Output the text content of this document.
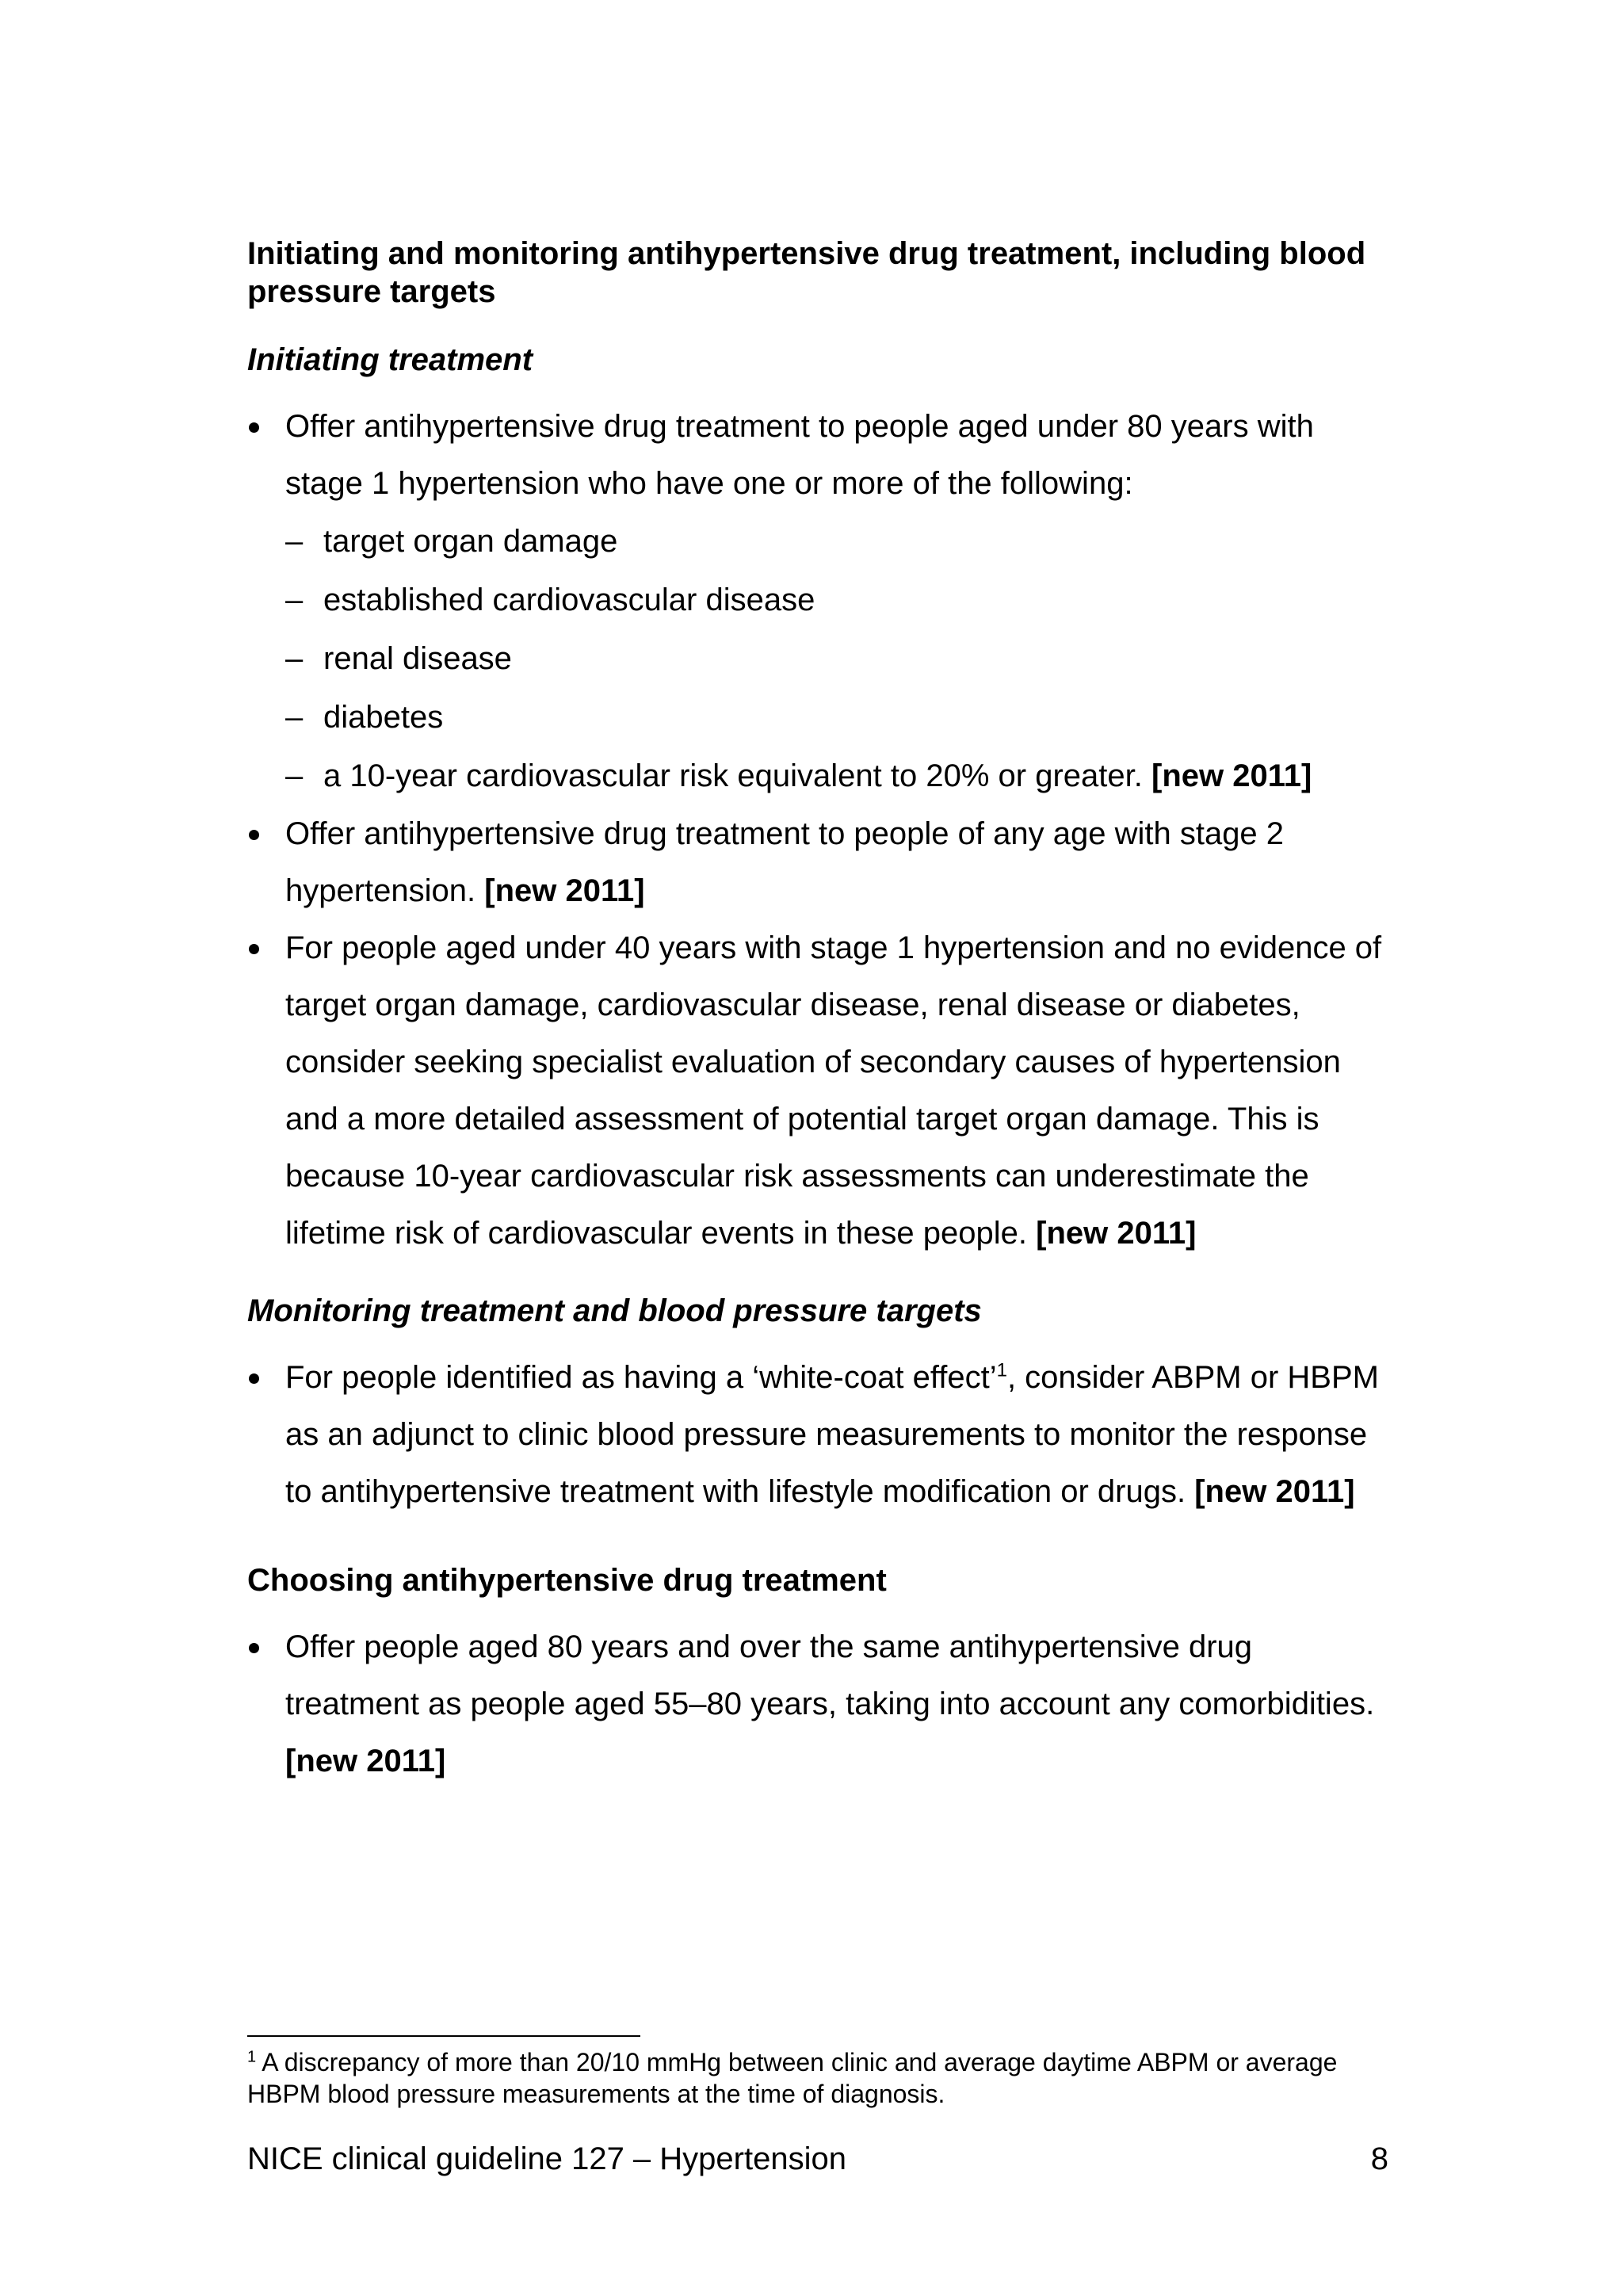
Initiating and monitoring antihypertensive drug treatment, including blood pressure targets
Initiating treatment
Offer antihypertensive drug treatment to people aged under 80 years with stage 1 hypertension who have one or more of the following:
– target organ damage
– established cardiovascular disease
– renal disease
– diabetes
– a 10-year cardiovascular risk equivalent to 20% or greater. [new 2011]
Offer antihypertensive drug treatment to people of any age with stage 2 hypertension. [new 2011]
For people aged under 40 years with stage 1 hypertension and no evidence of target organ damage, cardiovascular disease, renal disease or diabetes, consider seeking specialist evaluation of secondary causes of hypertension and a more detailed assessment of potential target organ damage. This is because 10-year cardiovascular risk assessments can underestimate the lifetime risk of cardiovascular events in these people. [new 2011]
Monitoring treatment and blood pressure targets
For people identified as having a ‘white-coat effect’$^1$, consider ABPM or HBPM as an adjunct to clinic blood pressure measurements to monitor the response to antihypertensive treatment with lifestyle modification or drugs. [new 2011]
Choosing antihypertensive drug treatment
Offer people aged 80 years and over the same antihypertensive drug treatment as people aged 55–80 years, taking into account any comorbidities. [new 2011]
$^1$ A discrepancy of more than 20/10 mmHg between clinic and average daytime ABPM or average HBPM blood pressure measurements at the time of diagnosis.
NICE clinical guideline 127 – Hypertension	8
